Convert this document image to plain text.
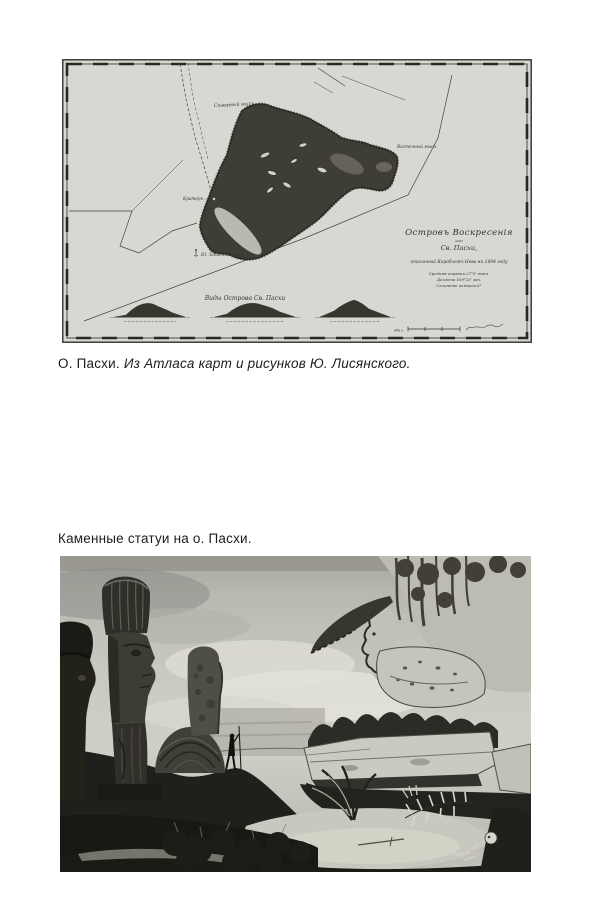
Сѣверный мысъ
Восточный мысъ
Кратеръ
Ю. Западный мысъ
Островъ Воскресенія
или
Св. Пасхи,
описанный Кораблемъ Нева въ 1804 году
Средняя широта 27°9′ южн.
Долгота 109°25′ зап.
Склоненіе компаса 6°
Виды Острова Св. Пасхи
Мил.
О. Пасхи. Из Атласа карт и рисунков Ю. Лисянского.
Каменные статуи на о. Пасхи.
